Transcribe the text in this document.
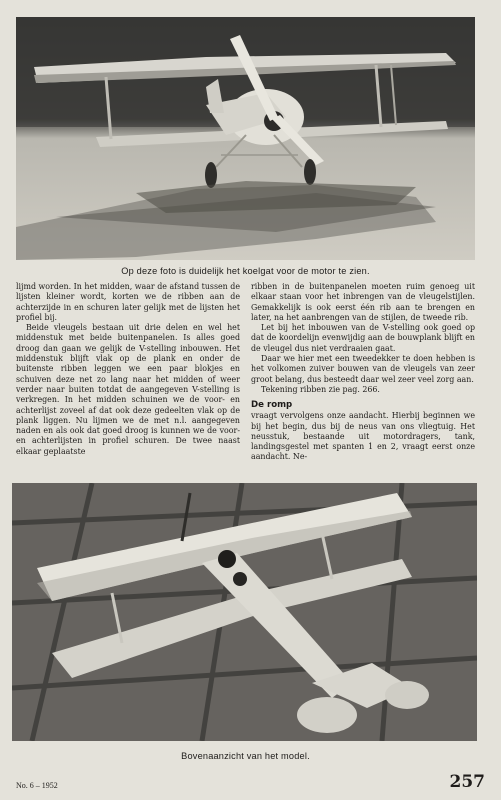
Op deze foto is duidelijk het koelgat voor de motor te zien.

lijmd worden. In het midden, waar de afstand tussen de lijsten kleiner wordt, korten we de ribben aan de achterzijde in en schuren later gelijk met de lijsten het profiel bij.

Beide vleugels bestaan uit drie delen en wel het middenstuk met beide buitenpanelen. Is alles goed droog dan gaan we gelijk de V-stelling inbouwen. Het middenstuk blijft vlak op de plank en onder de buitenste ribben leggen we een paar blokjes en schuiven deze net zo lang naar het midden of weer verder naar buiten totdat de aangegeven V-stelling is verkregen. In het midden schuinen we de voor- en achterlijst zoveel af dat ook deze gedeelten vlak op de plank liggen. Nu lijmen we de met n.l. aangegeven naden en als ook dat goed droog is kunnen we de voor- en achterlijsten in profiel schuren. De twee naast elkaar geplaatste

ribben in de buitenpanelen moeten ruim genoeg uit elkaar staan voor het inbrengen van de vleugelstijlen. Gemakkelijk is ook eerst één rib aan te brengen en later, na het aanbrengen van de stijlen, de tweede rib.

Let bij het inbouwen van de V-stelling ook goed op dat de koordelijn evenwijdig aan de bouwplank blijft en de vleugel dus niet verdraaien gaat.

Daar we hier met een tweedekker te doen hebben is het volkomen zuiver bouwen van de vleugels van zeer groot belang, dus besteedt daar wel zeer veel zorg aan.

Tekening ribben zie pag. 266.

De romp

vraagt vervolgens onze aandacht. Hierbij beginnen we bij het begin, dus bij de neus van ons vliegtuig. Het neusstuk, bestaande uit motordragers, tank, landingsgestel met spanten 1 en 2, vraagt eerst onze aandacht. Ne-

Bovenaanzicht van het model.
No. 6 – 1952	257
